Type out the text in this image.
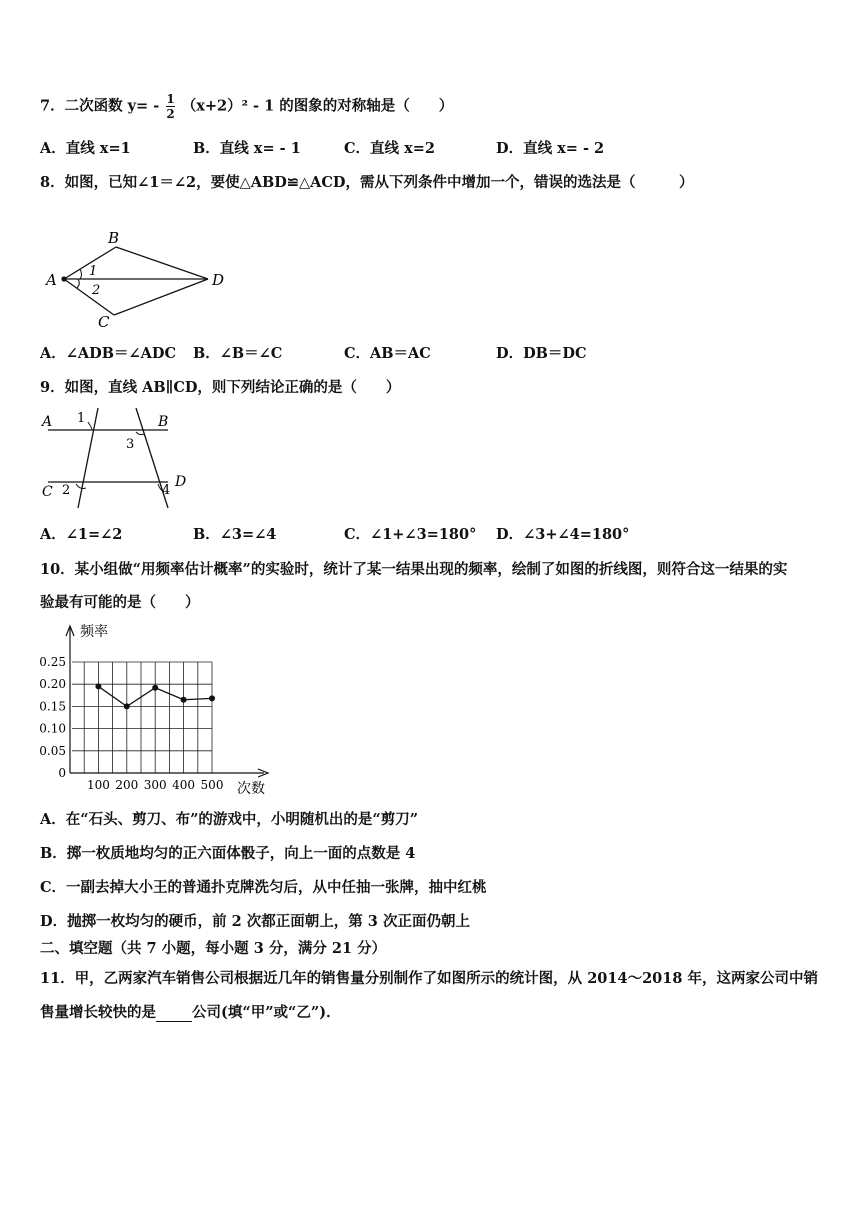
7．二次函数 $y= - \frac{1}{2} (x+2)^2 - 1$ 的图象的对称轴是（　　）
A．直线 x=1	B．直线 x= - 1	C．直线 x=2	D．直线 x= - 2
8．如图，已知∠1＝∠2，要使△ABD≌△ACD，需从下列条件中增加一个，错误的选法是（　　　）
A
B
C
D
1
2
A．∠ADB＝∠ADC B．∠B＝∠C	C．AB＝AC	D．DB＝DC
9．如图，直线 AB∥CD，则下列结论正确的是（　　）
A	B
C
D
1
3
2	4
A．∠1=∠2	B．∠3=∠4	C．∠1+∠3=180° D．∠3+∠4=180°
10．某小组做“用频率估计概率”的实验时，统计了某一结果出现的频率，绘制了如图的折线图，则符合这一结果的实
验最有可能的是（　　）
0
0.05
0.10
0.15
0.20
0.25
100 200 300 400 500
频率
次数
A．在“石头、剪刀、布”的游戏中，小明随机出的是“剪刀”
B．掷一枚质地均匀的正六面体骰子，向上一面的点数是 4
C．一副去掉大小王的普通扑克牌洗匀后，从中任抽一张牌，抽中红桃
D．抛掷一枚均匀的硬币，前 2 次都正面朝上，第 3 次正面仍朝上
二、填空题（共 7 小题，每小题 3 分，满分 21 分）
11．甲，乙两家汽车销售公司根据近几年的销售量分别制作了如图所示的统计图，从 2014～2018 年，这两家公司中销
售量增长较快的是 公司(填“甲”或“乙”)．
